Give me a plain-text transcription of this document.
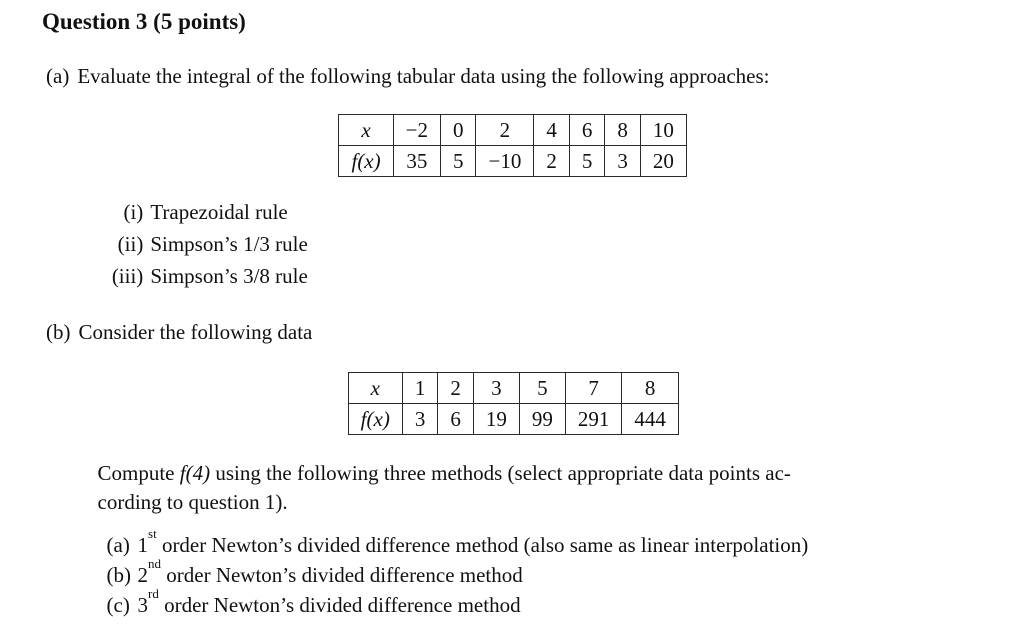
Question 3 (5 points)
(a) Evaluate the integral of the following tabular data using the following approaches:
x	−2	0	2	4	6	8	10
f(x)	35	5	−10	2	5	3	20
(i) Trapezoidal rule
(ii) Simpson’s 1/3 rule
(iii) Simpson’s 3/8 rule
(b) Consider the following data
x	1	2	3	5	7	8
f(x)	3	6	19	99	291	444
Compute f(4) using the following three methods (select appropriate data points ac-
cording to question 1).
(a) 1st order Newton’s divided difference method (also same as linear interpolation)
(b) 2nd order Newton’s divided difference method
(c) 3rd order Newton’s divided difference method
